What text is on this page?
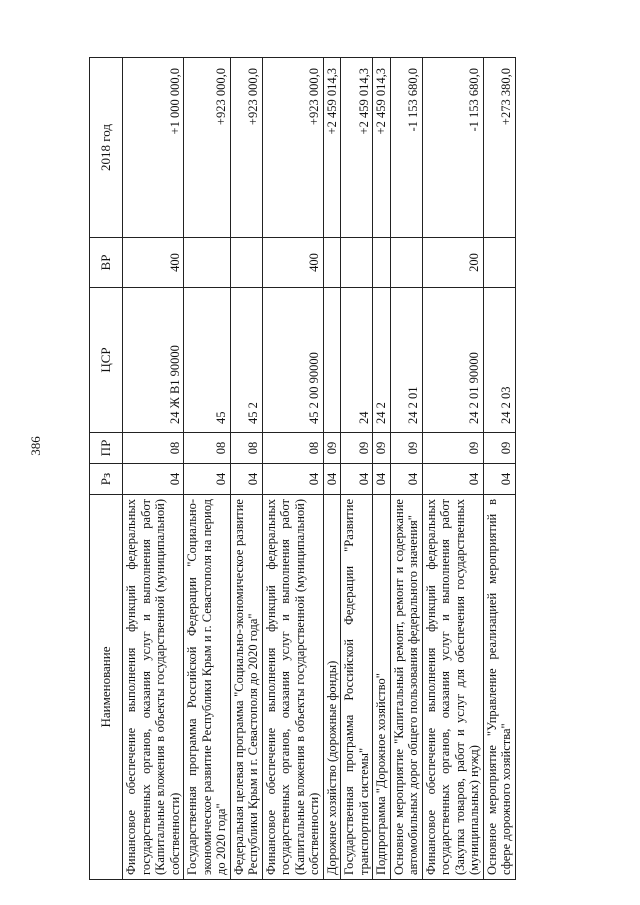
386
Наименование	Рз	ПР	ЦСР	ВР	2018 год
Финансовое обеспечение выполнения функций федеральных государственных органов, оказания услуг и выполнения работ (Капитальные вложения в объекты государственной (муниципальной) собственности)	04	08	24 Ж В1 90000	400	+1 000 000,0
Государственная программа Российской Федерации "Социально-экономическое развитие Республики Крым и г. Севастополя на период до 2020 года"	04	08	45		+923 000,0
Федеральная целевая программа "Социально-экономическое развитие Республики Крым и г. Севастополя до 2020 года"	04	08	45 2		+923 000,0
Финансовое обеспечение выполнения функций федеральных государственных органов, оказания услуг и выполнения работ (Капитальные вложения в объекты государственной (муниципальной) собственности)	04	08	45 2 00 90000	400	+923 000,0
Дорожное хозяйство (дорожные фонды)	04	09			+2 459 014,3
Государственная программа Российской Федерации "Развитие транспортной системы"	04	09	24		+2 459 014,3
Подпрограмма "Дорожное хозяйство"	04	09	24 2		+2 459 014,3
Основное мероприятие "Капитальный ремонт, ремонт и содержание автомобильных дорог общего пользования федерального значения"	04	09	24 2 01		-1 153 680,0
Финансовое обеспечение выполнения функций федеральных государственных органов, оказания услуг и выполнения работ (Закупка товаров, работ и услуг для обеспечения государственных (муниципальных) нужд)	04	09	24 2 01 90000	200	-1 153 680,0
Основное мероприятие "Управление реализацией мероприятий в сфере дорожного хозяйства"	04	09	24 2 03		+273 380,0
